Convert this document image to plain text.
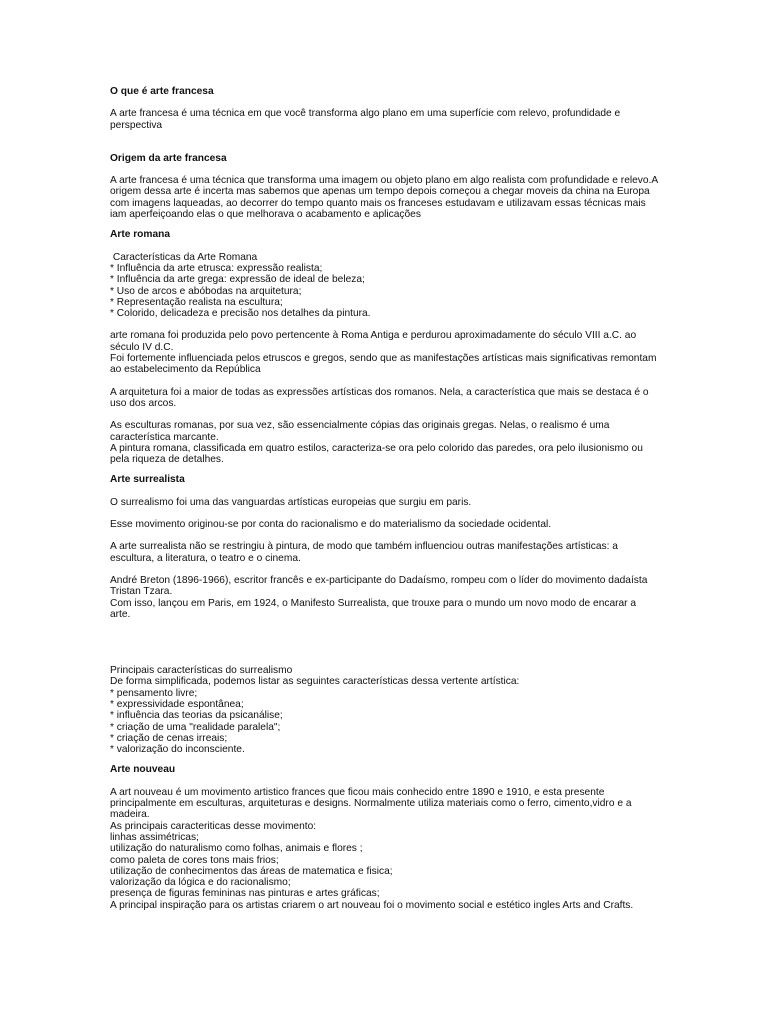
O que é arte francesa

A arte francesa é uma técnica em que você transforma algo plano em uma superfície com relevo, profundidade e perspectiva

Origem da arte francesa

A arte francesa é uma técnica que transforma uma imagem ou objeto plano em algo realista com profundidade e relevo.A origem dessa arte é incerta mas sabemos que apenas um tempo depois começou a chegar moveis da china na Europa com imagens laqueadas, ao decorrer do tempo quanto mais os franceses estudavam e utilizavam essas técnicas mais iam aperfeiçoando elas o que melhorava o acabamento e aplicações

Arte romana

Características da Arte Romana

* Influência da arte etrusca: expressão realista;
* Influência da arte grega: expressão de ideal de beleza;
* Uso de arcos e abóbodas na arquitetura;
* Representação realista na escultura;
* Colorido, delicadeza e precisão nos detalhes da pintura.

arte romana foi produzida pelo povo pertencente à Roma Antiga e perdurou aproximadamente do século VIII a.C. ao século IV d.C.
Foi fortemente influenciada pelos etruscos e gregos, sendo que as manifestações artísticas mais significativas remontam ao estabelecimento da República

A arquitetura foi a maior de todas as expressões artísticas dos romanos. Nela, a característica que mais se destaca é o uso dos arcos.

As esculturas romanas, por sua vez, são essencialmente cópias das originais gregas. Nelas, o realismo é uma característica marcante.
A pintura romana, classificada em quatro estilos, caracteriza-se ora pelo colorido das paredes, ora pelo ilusionismo ou pela riqueza de detalhes.

Arte surrealista

O surrealismo foi uma das vanguardas artísticas europeias que surgiu em paris.

Esse movimento originou-se por conta do racionalismo e do materialismo da sociedade ocidental.

A arte surrealista não se restringiu à pintura, de modo que também influenciou outras manifestações artísticas: a escultura, a literatura, o teatro e o cinema.

André Breton (1896-1966), escritor francês e ex-participante do Dadaísmo, rompeu com o líder do movimento dadaísta Tristan Tzara.
Com isso, lançou em Paris, em 1924, o Manifesto Surrealista, que trouxe para o mundo um novo modo de encarar a arte.

Principais características do surrealismo

De forma simplificada, podemos listar as seguintes características dessa vertente artística:

* pensamento livre;
* expressividade espontânea;
* influência das teorias da psicanálise;
* criação de uma "realidade paralela";
* criação de cenas irreais;
* valorização do inconsciente.

Arte nouveau

A art nouveau é um movimento artistico frances que ficou mais conhecido entre 1890 e 1910, e esta presente principalmente em esculturas, arquiteturas e designs. Normalmente utiliza materiais como o ferro, cimento,vidro e a madeira.

As principais caracteriticas desse movimento:
linhas assimétricas;
utilização do naturalismo como folhas, animais e flores ;
como paleta de cores tons mais frios;
utilização de conhecimentos das áreas de matematica e fisica;
valorização da lógica e do racionalismo;
presença de figuras femininas nas pinturas e artes gráficas;
A principal inspiração para os artistas criarem o art nouveau foi o movimento social e estético ingles Arts and Crafts.
